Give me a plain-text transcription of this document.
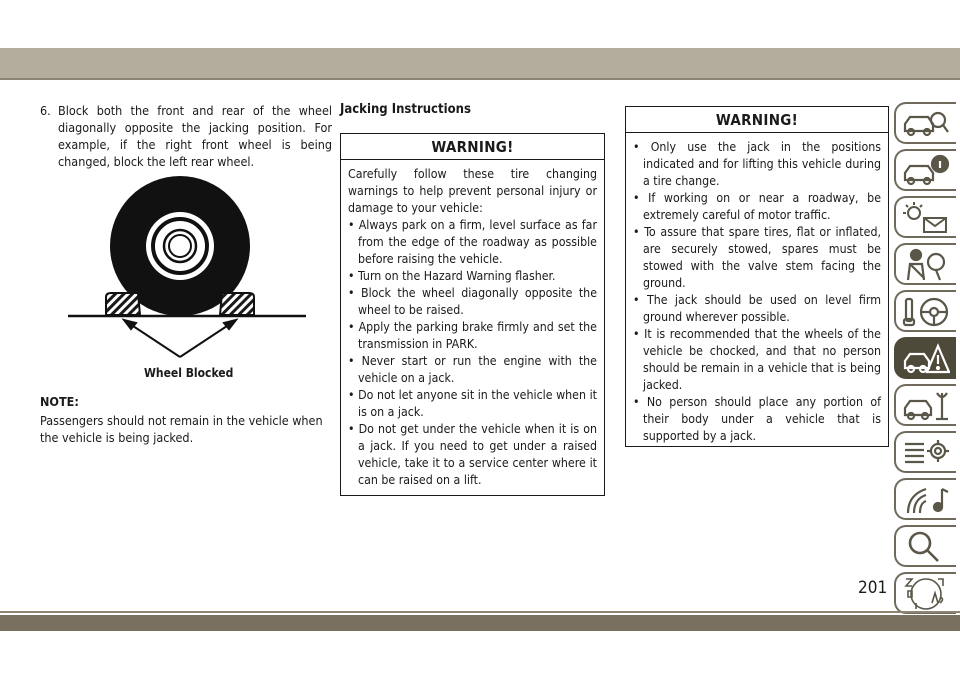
6. Block both the front and rear of the wheel diagonally opposite the jacking position. For example, if the right front wheel is being changed, block the left rear wheel.
Wheel Blocked
NOTE:
Passengers should not remain in the vehicle when the vehicle is being jacked.
Jacking Instructions
WARNING!
Carefully follow these tire changing warnings to help prevent personal injury or damage to your vehicle:
• Always park on a firm, level surface as far from the edge of the roadway as possible before raising the vehicle.
• Turn on the Hazard Warning flasher.
• Block the wheel diagonally opposite the wheel to be raised.
• Apply the parking brake firmly and set the transmission in PARK.
• Never start or run the engine with the vehicle on a jack.
• Do not let anyone sit in the vehicle when it is on a jack.
• Do not get under the vehicle when it is on a jack. If you need to get under a raised vehicle, take it to a service center where it can be raised on a lift.
WARNING!
• Only use the jack in the positions indicated and for lifting this vehicle during a tire change.
• If working on or near a roadway, be extremely careful of motor traffic.
• To assure that spare tires, flat or inflated, are securely stowed, spares must be stowed with the valve stem facing the ground.
• The jack should be used on level firm ground wherever possible.
• It is recommended that the wheels of the vehicle be chocked, and that no person should be remain in a vehicle that is being jacked.
• No person should place any portion of their body under a vehicle that is supported by a jack.
201
